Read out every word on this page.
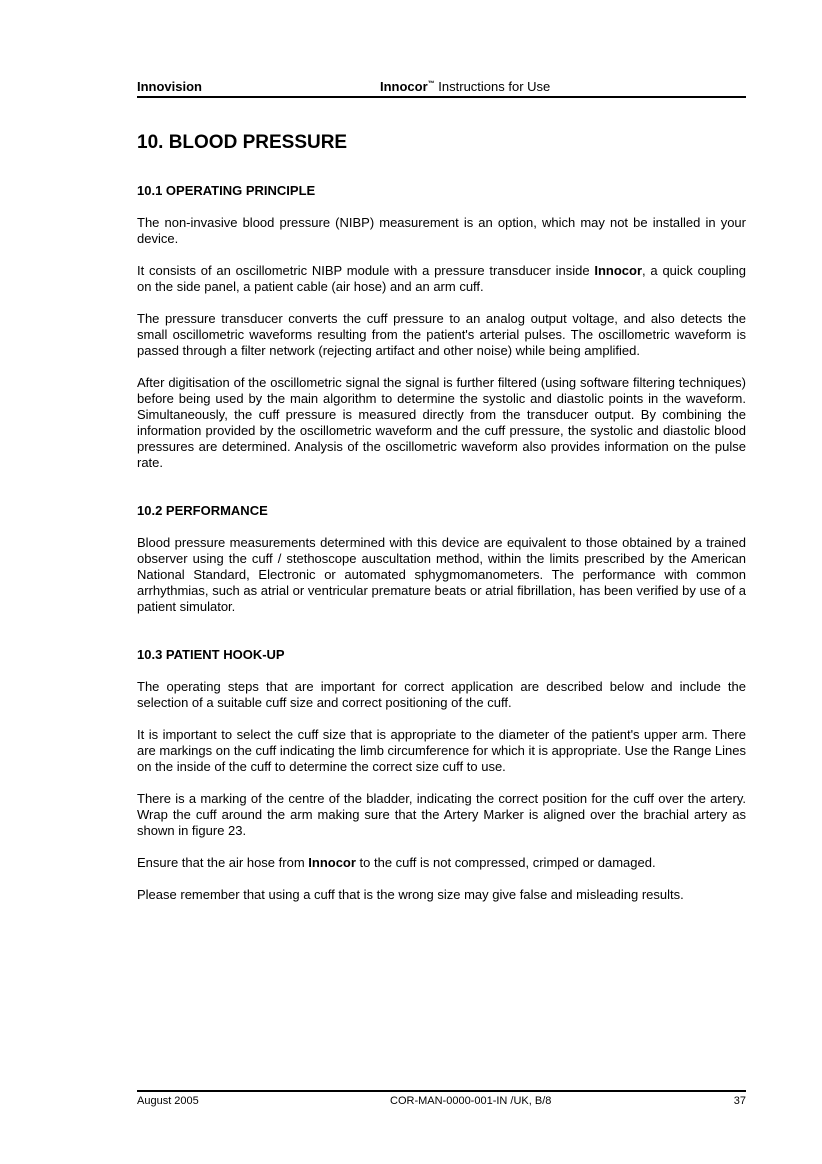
Innovision	Innocor™ Instructions for Use
10. BLOOD PRESSURE
10.1 OPERATING PRINCIPLE

The non-invasive blood pressure (NIBP) measurement is an option, which may not be installed in your device.

It consists of an oscillometric NIBP module with a pressure transducer inside Innocor, a quick coupling on the side panel, a patient cable (air hose) and an arm cuff.

The pressure transducer converts the cuff pressure to an analog output voltage, and also detects the small oscillometric waveforms resulting from the patient's arterial pulses. The oscillometric waveform is passed through a filter network (rejecting artifact and other noise) while being amplified.

After digitisation of the oscillometric signal the signal is further filtered (using software filtering techniques) before being used by the main algorithm to determine the systolic and diastolic points in the waveform. Simultaneously, the cuff pressure is measured directly from the transducer output. By combining the information provided by the oscillometric waveform and the cuff pressure, the systolic and diastolic blood pressures are determined. Analysis of the oscillometric waveform also provides information on the pulse rate.

10.2 PERFORMANCE

Blood pressure measurements determined with this device are equivalent to those obtained by a trained observer using the cuff / stethoscope auscultation method, within the limits prescribed by the American National Standard, Electronic or automated sphygmomanometers. The performance with common arrhythmias, such as atrial or ventricular premature beats or atrial fibrillation, has been verified by use of a patient simulator.

10.3 PATIENT HOOK-UP

The operating steps that are important for correct application are described below and include the selection of a suitable cuff size and correct positioning of the cuff.

It is important to select the cuff size that is appropriate to the diameter of the patient's upper arm. There are markings on the cuff indicating the limb circumference for which it is appropriate. Use the Range Lines on the inside of the cuff to determine the correct size cuff to use.

There is a marking of the centre of the bladder, indicating the correct position for the cuff over the artery. Wrap the cuff around the arm making sure that the Artery Marker is aligned over the brachial artery as shown in figure 23.

Ensure that the air hose from Innocor to the cuff is not compressed, crimped or damaged.

Please remember that using a cuff that is the wrong size may give false and misleading results.

August 2005	COR-MAN-0000-001-IN /UK, B/8	37
